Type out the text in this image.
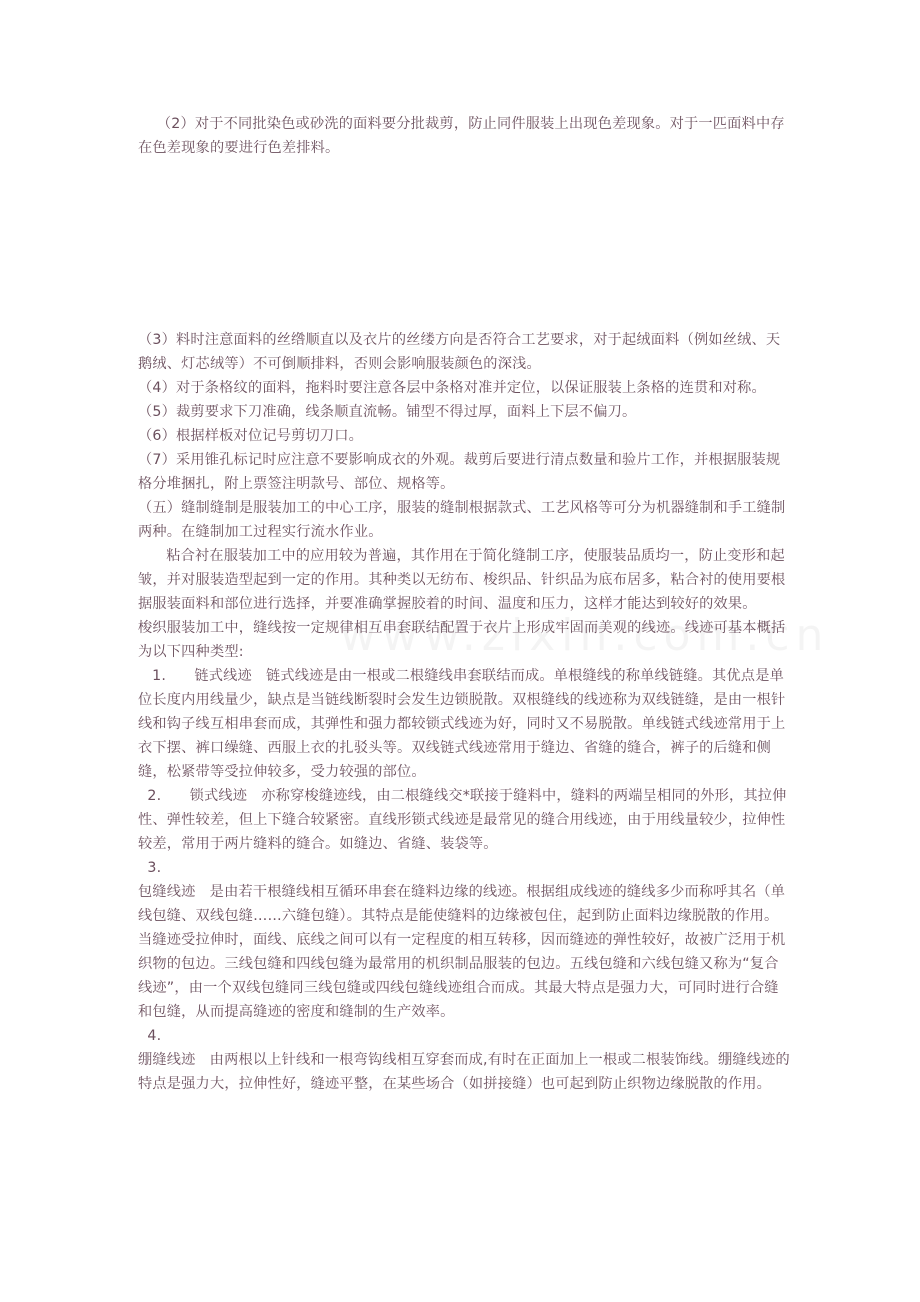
（2）对于不同批染色或砂洗的面料要分批裁剪，防止同件服装上出现色差现象。对于一匹面料中存在色差现象的要进行色差排料。

（3）料时注意面料的丝绺顺直以及衣片的丝缕方向是否符合工艺要求，对于起绒面料（例如丝绒、天鹅绒、灯芯绒等）不可倒顺排料，否则会影响服装颜色的深浅。

（4）对于条格纹的面料，拖料时要注意各层中条格对准并定位，以保证服装上条格的连贯和对称。

（5）裁剪要求下刀准确，线条顺直流畅。铺型不得过厚，面料上下层不偏刀。

（6）根据样板对位记号剪切刀口。

（7）采用锥孔标记时应注意不要影响成衣的外观。裁剪后要进行清点数量和验片工作，并根据服装规格分堆捆扎，附上票签注明款号、部位、规格等。

（五）缝制缝制是服装加工的中心工序，服装的缝制根据款式、工艺风格等可分为机器缝制和手工缝制两种。在缝制加工过程实行流水作业。

粘合衬在服装加工中的应用较为普遍，其作用在于简化缝制工序，使服装品质均一，防止变形和起皱，并对服装造型起到一定的作用。其种类以无纺布、梭织品、针织品为底布居多，粘合衬的使用要根据服装面料和部位进行选择，并要准确掌握胶着的时间、温度和压力，这样才能达到较好的效果。        梭织服装加工中，缝线按一定规律相互串套联结配置于衣片上形成牢固而美观的线迹。线迹可基本概括为以下四种类型:

1.      链式线迹   链式线迹是由一根或二根缝线串套联结而成。单根缝线的称单线链缝。其优点是单位长度内用线量少，缺点是当链线断裂时会发生边锁脱散。双根缝线的线迹称为双线链缝，是由一根针线和钩子线互相串套而成，其弹性和强力都较锁式线迹为好，同时又不易脱散。单线链式线迹常用于上衣下摆、裤口缲缝、西服上衣的扎驳头等。双线链式线迹常用于缝边、省缝的缝合，裤子的后缝和侧缝，松紧带等受拉伸较多，受力较强的部位。

2.      锁式线迹   亦称穿梭缝迹线，由二根缝线交*联接于缝料中，缝料的两端呈相同的外形，其拉伸性、弹性较差，但上下缝合较紧密。直线形锁式线迹是最常见的缝合用线迹，由于用线量较少，拉伸性较差，常用于两片缝料的缝合。如缝边、省缝、装袋等。

3.

包缝线迹   是由若干根缝线相互循环串套在缝料边缘的线迹。根据组成线迹的缝线多少而称呼其名（单线包缝、双线包缝……六缝包缝）。其特点是能使缝料的边缘被包住，起到防止面料边缘脱散的作用。当缝迹受拉伸时，面线、底线之间可以有一定程度的相互转移，因而缝迹的弹性较好，故被广泛用于机织物的包边。三线包缝和四线包缝为最常用的机织制品服装的包边。五线包缝和六线包缝又称为“复合线迹”，由一个双线包缝同三线包缝或四线包缝线迹组合而成。其最大特点是强力大，可同时进行合缝和包缝，从而提高缝迹的密度和缝制的生产效率。

4.

绷缝线迹   由两根以上针线和一根弯钩线相互穿套而成,有时在正面加上一根或二根装饰线。绷缝线迹的特点是强力大，拉伸性好，缝迹平整，在某些场合（如拼接缝）也可起到防止织物边缘脱散的作用。
